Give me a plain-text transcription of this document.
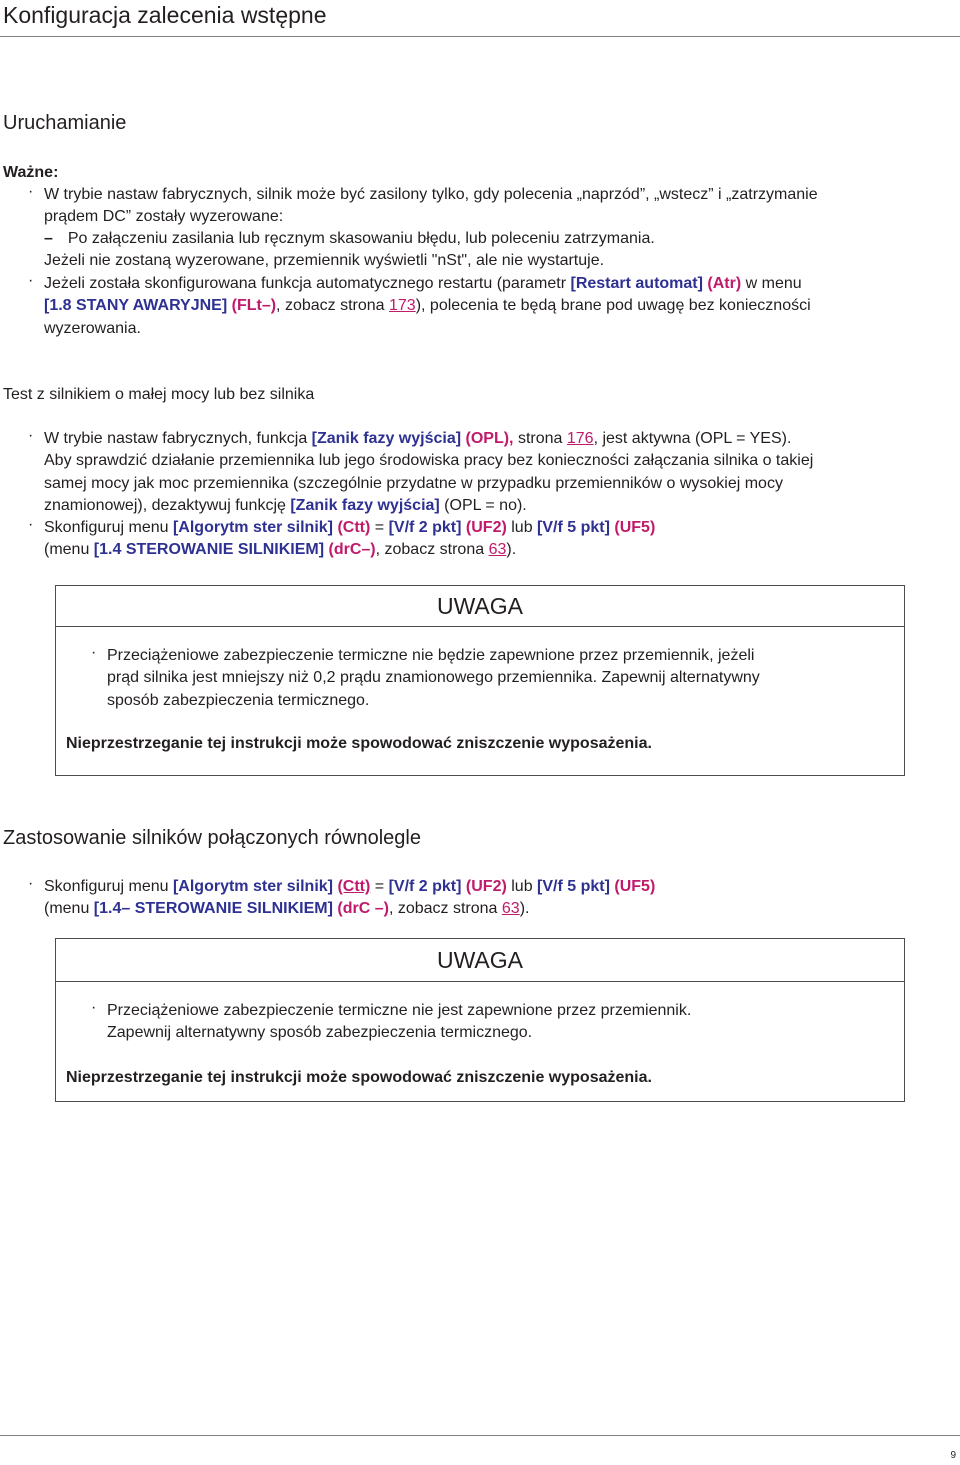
Konfiguracja zalecenia wstępne
Uruchamianie
Ważne:
· W trybie nastaw fabrycznych, silnik może być zasilony tylko, gdy polecenia „naprzód”, „wstecz” i „zatrzymanie
prądem DC” zostały wyzerowane:
– Po załączeniu zasilania lub ręcznym skasowaniu błędu, lub poleceniu zatrzymania.
Jeżeli nie zostaną wyzerowane, przemiennik wyświetli "nSt", ale nie wystartuje.
· Jeżeli została skonfigurowana funkcja automatycznego restartu (parametr [Restart automat] (Atr) w menu
[1.8 STANY AWARYJNE] (FLt–), zobacz strona 173), polecenia te będą brane pod uwagę bez konieczności
wyzerowania.
Test z silnikiem o małej mocy lub bez silnika
· W trybie nastaw fabrycznych, funkcja [Zanik fazy wyjścia] (OPL), strona 176, jest aktywna (OPL = YES).
Aby sprawdzić działanie przemiennika lub jego środowiska pracy bez konieczności załączania silnika o takiej
samej mocy jak moc przemiennika (szczególnie przydatne w przypadku przemienników o wysokiej mocy
znamionowej), dezaktywuj funkcję [Zanik fazy wyjścia] (OPL = no).
· Skonfiguruj menu [Algorytm ster silnik] (Ctt) = [V/f 2 pkt] (UF2) lub [V/f 5 pkt] (UF5)
(menu [1.4 STEROWANIE SILNIKIEM] (drC–), zobacz strona 63).
UWAGA
· Przeciążeniowe zabezpieczenie termiczne nie będzie zapewnione przez przemiennik, jeżeli
prąd silnika jest mniejszy niż 0,2 prądu znamionowego przemiennika. Zapewnij alternatywny
sposób zabezpieczenia termicznego.
Nieprzestrzeganie tej instrukcji może spowodować zniszczenie wyposażenia.
Zastosowanie silników połączonych równolegle
· Skonfiguruj menu [Algorytm ster silnik] (Ctt) = [V/f 2 pkt] (UF2) lub [V/f 5 pkt] (UF5)
(menu [1.4– STEROWANIE SILNIKIEM] (drC –), zobacz strona 63).
UWAGA
· Przeciążeniowe zabezpieczenie termiczne nie jest zapewnione przez przemiennik.
Zapewnij alternatywny sposób zabezpieczenia termicznego.
Nieprzestrzeganie tej instrukcji może spowodować zniszczenie wyposażenia.
9
